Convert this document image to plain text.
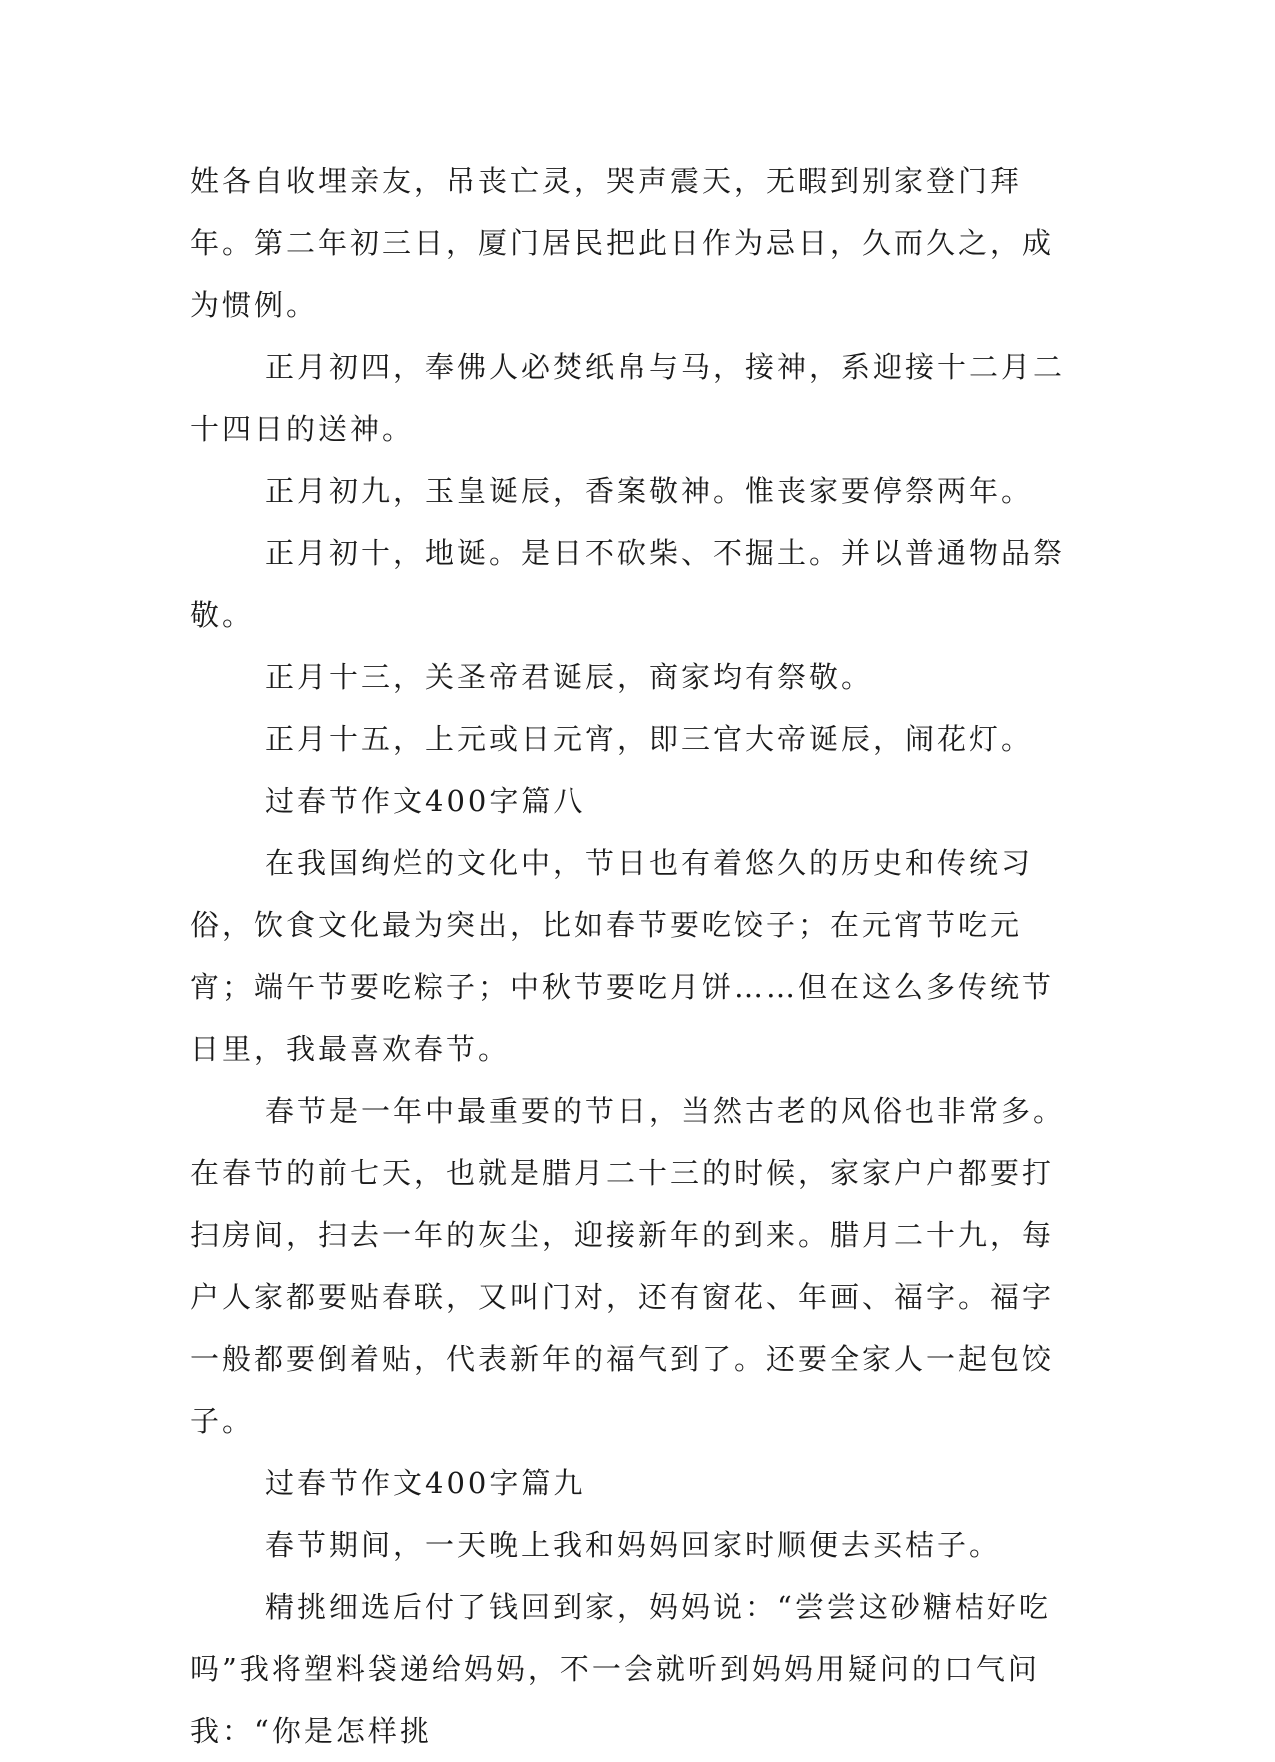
姓各自收埋亲友，吊丧亡灵，哭声震天，无暇到别家登门拜年。第二年初三日，厦门居民把此日作为忌日，久而久之，成为惯例。

正月初四，奉佛人必焚纸帛与马，接神，系迎接十二月二十四日的送神。

正月初九，玉皇诞辰，香案敬神。惟丧家要停祭两年。

正月初十，地诞。是日不砍柴、不掘土。并以普通物品祭敬。

正月十三，关圣帝君诞辰，商家均有祭敬。

正月十五，上元或日元宵，即三官大帝诞辰，闹花灯。

过春节作文400字篇八

在我国绚烂的文化中，节日也有着悠久的历史和传统习俗，饮食文化最为突出，比如春节要吃饺子；在元宵节吃元宵；端午节要吃粽子；中秋节要吃月饼……但在这么多传统节日里，我最喜欢春节。

春节是一年中最重要的节日，当然古老的风俗也非常多。在春节的前七天，也就是腊月二十三的时候，家家户户都要打扫房间，扫去一年的灰尘，迎接新年的到来。腊月二十九，每户人家都要贴春联，又叫门对，还有窗花、年画、福字。福字一般都要倒着贴，代表新年的福气到了。还要全家人一起包饺子。

过春节作文400字篇九

春节期间，一天晚上我和妈妈回家时顺便去买桔子。

精挑细选后付了钱回到家，妈妈说：“尝尝这砂糖桔好吃吗”我将塑料袋递给妈妈，不一会就听到妈妈用疑问的口气问我：“你是怎样挑
